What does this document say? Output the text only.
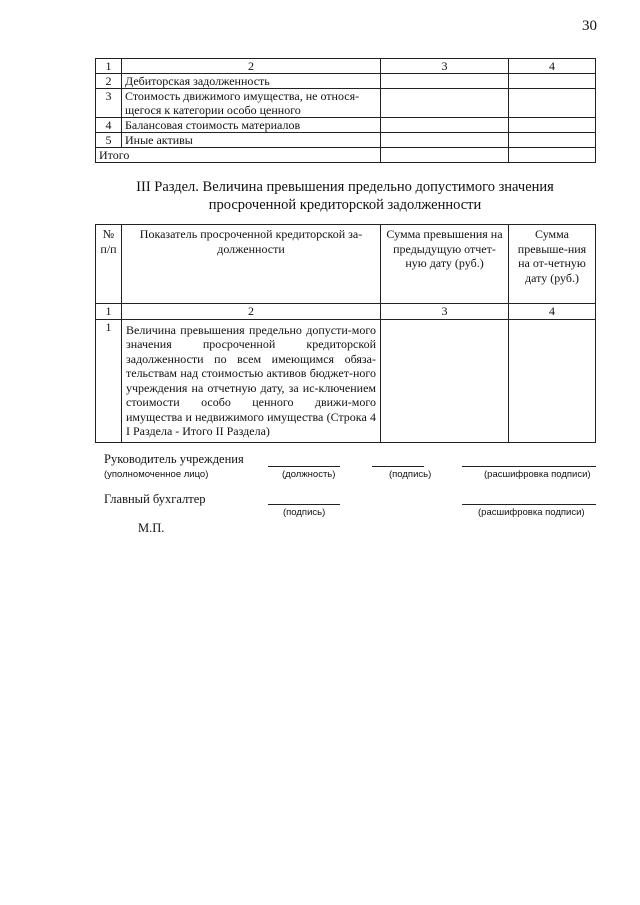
30
1	2	3	4
2	Дебиторская задолженность		
3	Стоимость движимого имущества, не относя-щегося к категории особо ценного		
4	Балансовая стоимость материалов		
5	Иные активы		
Итого			
III Раздел. Величина превышения предельно допустимого значения
просроченной кредиторской задолженности
№ п/п	Показатель просроченной кредиторской за-долженности	Сумма превышения на предыдущую отчет-ную дату (руб.)	Сумма превыше-ния на от-четную дату (руб.)
1	2	3	4
1	Величина превышения предельно допусти-мого значения просроченной кредиторской задолженности по всем имеющимся обяза-тельствам над стоимостью активов бюджет-ного учреждения на отчетную дату, за ис-ключением стоимости особо ценного движи-мого имущества и недвижимого имущества (Строка 4 I Раздела - Итого II Раздела)		
Руководитель учреждения
(уполномоченное лицо)	(должность)	(подпись)	(расшифровка подписи)
Главный бухгалтер
(подпись)	(расшифровка подписи)
М.П.
